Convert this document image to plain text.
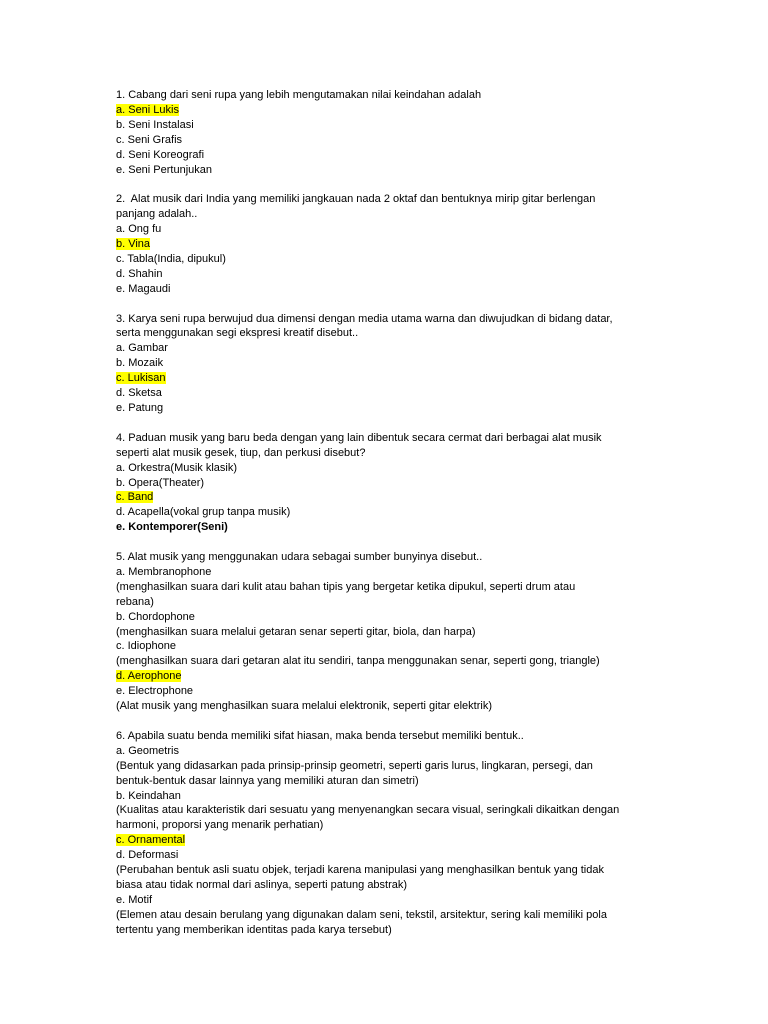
1. Cabang dari seni rupa yang lebih mengutamakan nilai keindahan adalah
a. Seni Lukis
b. Seni Instalasi
c. Seni Grafis
d. Seni Koreografi
e. Seni Pertunjukan
2.  Alat musik dari India yang memiliki jangkauan nada 2 oktaf dan bentuknya mirip gitar berlengan
panjang adalah..
a. Ong fu
b. Vina
c. Tabla(India, dipukul)
d. Shahin
e. Magaudi
3. Karya seni rupa berwujud dua dimensi dengan media utama warna dan diwujudkan di bidang datar,
serta menggunakan segi ekspresi kreatif disebut..
a. Gambar
b. Mozaik
c. Lukisan
d. Sketsa
e. Patung
4. Paduan musik yang baru beda dengan yang lain dibentuk secara cermat dari berbagai alat musik
seperti alat musik gesek, tiup, dan perkusi disebut?
a. Orkestra(Musik klasik)
b. Opera(Theater)
c. Band
d. Acapella(vokal grup tanpa musik)
e. Kontemporer(Seni)
5. Alat musik yang menggunakan udara sebagai sumber bunyinya disebut..
a. Membranophone
(menghasilkan suara dari kulit atau bahan tipis yang bergetar ketika dipukul, seperti drum atau
rebana)
b. Chordophone
(menghasilkan suara melalui getaran senar seperti gitar, biola, dan harpa)
c. Idiophone
(menghasilkan suara dari getaran alat itu sendiri, tanpa menggunakan senar, seperti gong, triangle)
d. Aerophone
e. Electrophone
(Alat musik yang menghasilkan suara melalui elektronik, seperti gitar elektrik)
6. Apabila suatu benda memiliki sifat hiasan, maka benda tersebut memiliki bentuk..
a. Geometris
(Bentuk yang didasarkan pada prinsip-prinsip geometri, seperti garis lurus, lingkaran, persegi, dan
bentuk-bentuk dasar lainnya yang memiliki aturan dan simetri)
b. Keindahan
(Kualitas atau karakteristik dari sesuatu yang menyenangkan secara visual, seringkali dikaitkan dengan
harmoni, proporsi yang menarik perhatian)
c. Ornamental
d. Deformasi
(Perubahan bentuk asli suatu objek, terjadi karena manipulasi yang menghasilkan bentuk yang tidak
biasa atau tidak normal dari aslinya, seperti patung abstrak)
e. Motif
(Elemen atau desain berulang yang digunakan dalam seni, tekstil, arsitektur, sering kali memiliki pola
tertentu yang memberikan identitas pada karya tersebut)
